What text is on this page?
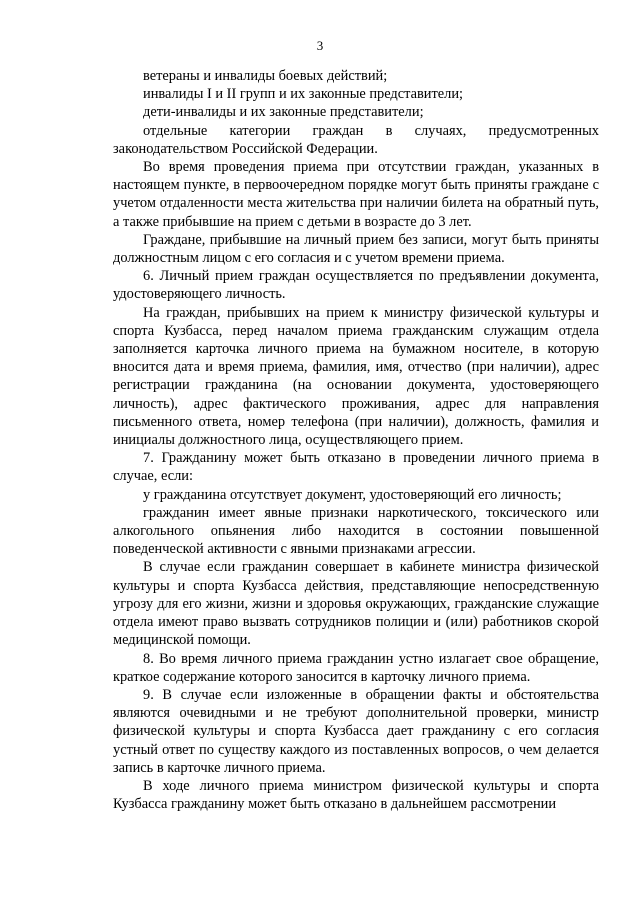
3

ветераны и инвалиды боевых действий;

инвалиды I и II групп и их законные представители;

дети-инвалиды и их законные представители;

отдельные категории граждан в случаях, предусмотренных законодательством Российской Федерации.

Во время проведения приема при отсутствии граждан, указанных в настоящем пункте, в первоочередном порядке могут быть приняты граждане с учетом отдаленности места жительства при наличии билета на обратный путь, а также прибывшие на прием с детьми в возрасте до 3 лет.

Граждане, прибывшие на личный прием без записи, могут быть приняты должностным лицом с его согласия и с учетом времени приема.

6. Личный прием граждан осуществляется по предъявлении документа, удостоверяющего личность.

На граждан, прибывших на прием к министру физической культуры и спорта Кузбасса, перед началом приема гражданским служащим отдела заполняется карточка личного приема на бумажном носителе, в которую вносится дата и время приема, фамилия, имя, отчество (при наличии), адрес регистрации гражданина (на основании документа, удостоверяющего личность), адрес фактического проживания, адрес для направления письменного ответа, номер телефона (при наличии), должность, фамилия и инициалы должностного лица, осуществляющего прием.

7. Гражданину может быть отказано в проведении личного приема в случае, если:

у гражданина отсутствует документ, удостоверяющий его личность;

гражданин имеет явные признаки наркотического, токсического или алкогольного опьянения либо находится в состоянии повышенной поведенческой активности с явными признаками агрессии.

В случае если гражданин совершает в кабинете министра физической культуры и спорта Кузбасса действия, представляющие непосредственную угрозу для его жизни, жизни и здоровья окружающих, гражданские служащие отдела имеют право вызвать сотрудников полиции и (или) работников скорой медицинской помощи.

8. Во время личного приема гражданин устно излагает свое обращение, краткое содержание которого заносится в карточку личного приема.

9. В случае если изложенные в обращении факты и обстоятельства являются очевидными и не требуют дополнительной проверки, министр физической культуры и спорта Кузбасса дает гражданину с его согласия устный ответ по существу каждого из поставленных вопросов, о чем делается запись в карточке личного приема.

В ходе личного приема министром физической культуры и спорта Кузбасса гражданину может быть отказано в дальнейшем рассмотрении
